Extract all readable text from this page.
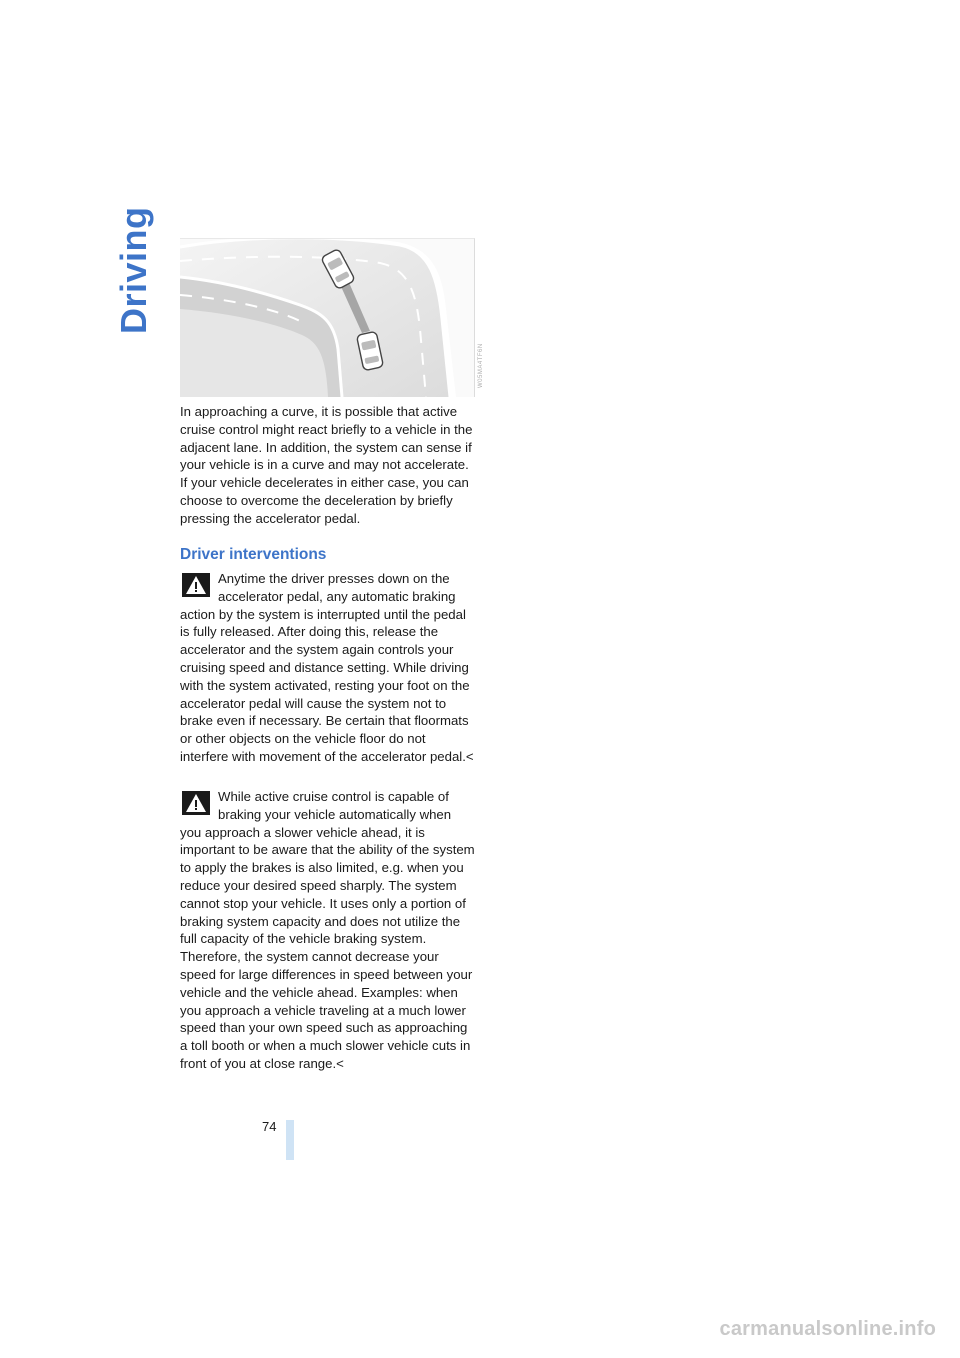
Driving
W05MA4TF6N

In approaching a curve, it is possible that active cruise control might react briefly to a vehicle in the adjacent lane. In addition, the system can sense if your vehicle is in a curve and may not accelerate. If your vehicle decelerates in either case, you can choose to overcome the deceleration by briefly pressing the accelerator pedal.

Driver interventions
Anytime the driver presses down on the accelerator pedal, any automatic braking action by the system is interrupted until the pedal is fully released. After doing this, release the accelerator and the system again controls your cruising speed and distance setting. While driving with the system activated, resting your foot on the accelerator pedal will cause the system not to brake even if necessary. Be certain that floormats or other objects on the vehicle floor do not interfere with movement of the accelerator pedal.<
While active cruise control is capable of braking your vehicle automatically when you approach a slower vehicle ahead, it is important to be aware that the ability of the system to apply the brakes is also limited, e.g. when you reduce your desired speed sharply. The system cannot stop your vehicle. It uses only a portion of braking system capacity and does not utilize the full capacity of the vehicle braking system. Therefore, the system cannot decrease your speed for large differences in speed between your vehicle and the vehicle ahead. Examples: when you approach a vehicle traveling at a much lower speed than your own speed such as approaching a toll booth or when a much slower vehicle cuts in front of you at close range.<
74
carmanualsonline.info
